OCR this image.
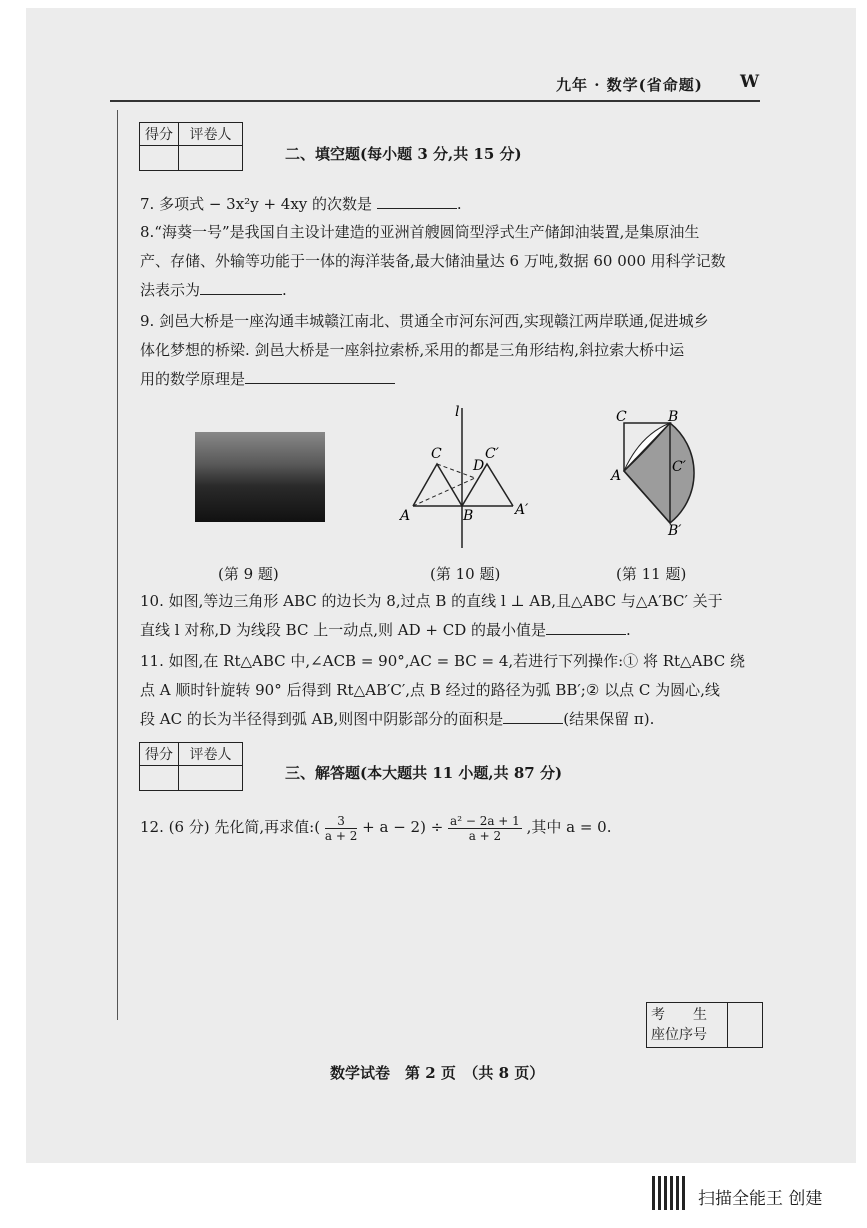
九年 · 数学(省命题) W
得分	评卷人

二、填空题(每小题 3 分,共 15 分)
7. 多项式 − 3x²y + 4xy 的次数是	.
8.“海葵一号”是我国自主设计建造的亚洲首艘圆筒型浮式生产储卸油装置,是集原油生
产、存储、外输等功能于一体的海洋装备,最大储油量达 6 万吨,数据 60 000 用科学记数
法表示为	.
9. 剑邑大桥是一座沟通丰城赣江南北、贯通全市河东河西,实现赣江两岸联通,促进城乡
体化梦想的桥梁. 剑邑大桥是一座斜拉索桥,采用的都是三角形结构,斜拉索大桥中运
用的数学原理是
l
C
D
C′
A	B	A′
C	B
A
C′
B′
(第 9 题)	(第 10 题)	(第 11 题)
10. 如图,等边三角形 ABC 的边长为 8,过点 B 的直线 l ⊥ AB,且△ABC 与△A′BC′ 关于
直线 l 对称,D 为线段 BC 上一动点,则 AD + CD 的最小值是	.
11. 如图,在 Rt△ABC 中,∠ACB = 90°,AC = BC = 4,若进行下列操作:① 将 Rt△ABC 绕
点 A 顺时针旋转 90° 后得到 Rt△AB′C′,点 B 经过的路径为弧 BB′;② 以点 C 为圆心,线
段 AC 的长为半径得到弧 AB,则图中阴影部分的面积是	(结果保留 π).
得分	评卷人

三、解答题(本大题共 11 小题,共 87 分)
12. (6 分) 先化简,再求值:( $\frac{3}{a + 2} + a - 2) \div \frac{\text{a² − 2a + 1}}{a + 2}$ ,其中 a = 0.
考　　生
座位序号

数学试卷　第 2 页　（共 8 页）
扫描全能王 创建
